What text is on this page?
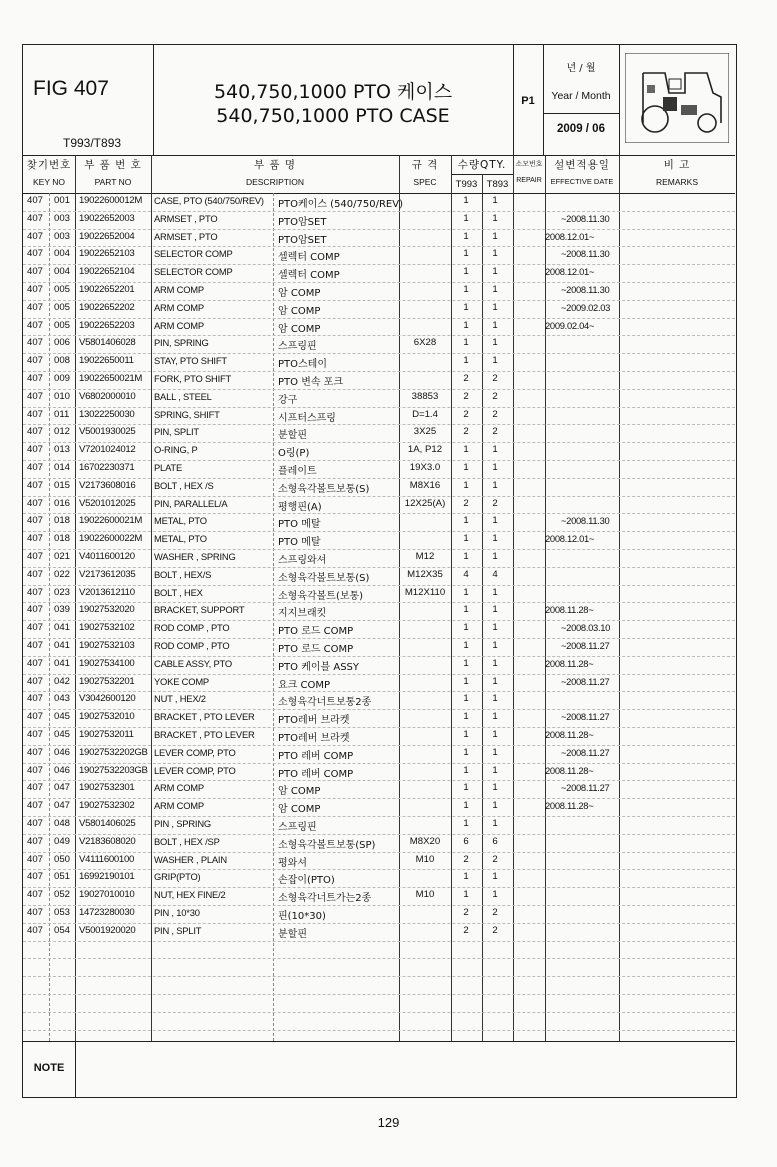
FIG 407
T993/T893
540,750,1000 PTO 케이스
540,750,1000 PTO CASE
P1
년 / 월
Year / Month
2009 / 06
찾기번호
KEY NO
부 품 번 호
PART NO
부 품 명
DESCRIPTION
규 격
SPEC
수량QTY.
T993 T893
소모번호
REPAIR
설변적용일
EFFECTIVE DATE
비 고
REMARKS
407	001 19022600012M CASE, PTO (540/750/REV) PTO케이스 (540/750/REV)	1	1
407	003 19022652003 ARMSET , PTO	PTO암SET	1	1	~2008.11.30
407	003 19022652004 ARMSET , PTO	PTO암SET	1	1	2008.12.01~
407	004 19022652103 SELECTOR COMP	셀렉터 COMP	1	1	~2008.11.30
407	004 19022652104 SELECTOR COMP	셀렉터 COMP	1	1	2008.12.01~
407	005 19022652201 ARM COMP	암 COMP	1	1	~2008.11.30
407	005 19022652202 ARM COMP	암 COMP	1	1	~2009.02.03
407	005 19022652203 ARM COMP	암 COMP	1	1	2009.02.04~
407	006 V5801406028 PIN, SPRING	스프링핀	6X28	1	1
407	008 19022650011 STAY, PTO SHIFT	PTO스테이	1	1
407	009 19022650021M FORK, PTO SHIFT	PTO 변속 포크	2	2
407	010 V6802000010 BALL , STEEL	강구	38853	2	2
407	011 13022250030 SPRING, SHIFT	시프터스프링	D=1.4	2	2
407	012 V5001930025 PIN, SPLIT	분할핀	3X25	2	2
407	013 V7201024012 O-RING, P	O링(P)	1A, P12	1	1
407	014 16702230371 PLATE	플레이트	19X3.0	1	1
407	015 V2173608016 BOLT , HEX /S	소형육각볼트보통(S)	M8X16	1	1
407	016 V5201012025 PIN, PARALLEL/A	평행핀(A)	12X25(A)	2	2
407	018 19022600021M METAL, PTO	PTO 메탈	1	1	~2008.11.30
407	018 19022600022M METAL, PTO	PTO 메탈	1	1	2008.12.01~
407	021 V4011600120 WASHER , SPRING	스프링와셔	M12	1	1
407	022 V2173612035 BOLT , HEX/S	소형육각볼트보통(S)	M12X35	4	4
407	023 V2013612110 BOLT , HEX	소형육각볼트(보통)	M12X110	1	1
407	039 19027532020 BRACKET, SUPPORT	지지브래킷	1	1	2008.11.28~
407	041 19027532102 ROD COMP , PTO	PTO 로드 COMP	1	1	~2008.03.10
407	041 19027532103 ROD COMP , PTO	PTO 로드 COMP	1	1	~2008.11.27
407	041 19027534100 CABLE ASSY, PTO	PTO 케이블 ASSY	1	1	2008.11.28~
407	042 19027532201 YOKE COMP	요크 COMP	1	1	~2008.11.27
407	043 V3042600120 NUT , HEX/2	소형육각너트보통2종	1	1
407	045 19027532010 BRACKET , PTO LEVER PTO레버 브라켓	1	1	~2008.11.27
407	045 19027532011 BRACKET , PTO LEVER PTO레버 브라켓	1	1	2008.11.28~
407	046 19027532202GB LEVER COMP, PTO	PTO 레버 COMP	1	1	~2008.11.27
407	046 19027532203GB LEVER COMP, PTO	PTO 레버 COMP	1	1	2008.11.28~
407	047 19027532301 ARM COMP	암 COMP	1	1	~2008.11.27
407	047 19027532302 ARM COMP	암 COMP	1	1	2008.11.28~
407	048 V5801406025 PIN , SPRING	스프링핀	1	1
407	049 V2183608020 BOLT , HEX /SP	소형육각볼트보통(SP)	M8X20	6	6
407	050 V4111600100 WASHER , PLAIN	평와셔	M10	2	2
407	051 16992190101 GRIP(PTO)	손잡이(PTO)	1	1
407	052 19027010010 NUT, HEX FINE/2	소형육각너트가는2종	M10	1	1
407	053 14723280030 PIN , 10*30	핀(10*30)	2	2
407	054 V5001920020 PIN , SPLIT	분할핀	2	2
NOTE
129
